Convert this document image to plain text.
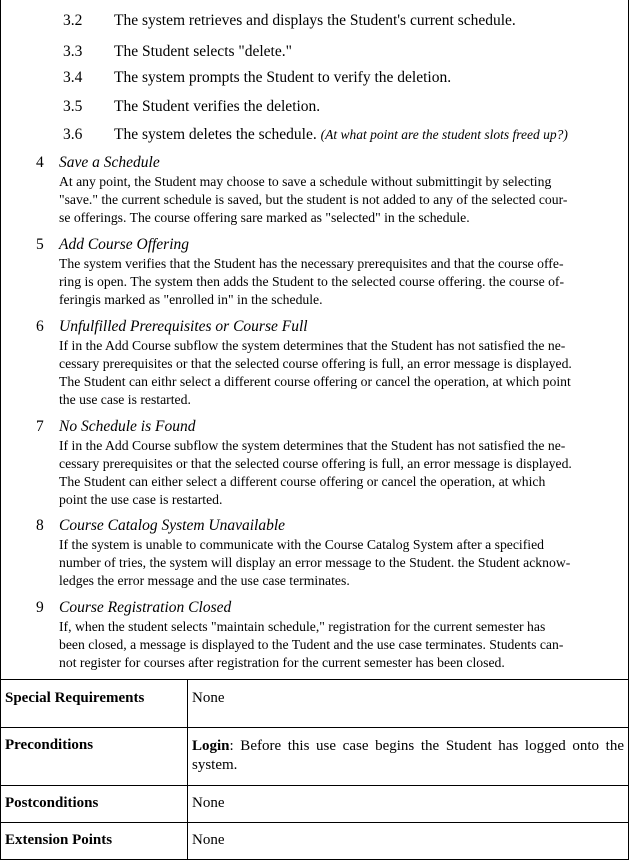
3.2 The system retrieves and displays the Student's current schedule.
3.3 The Student selects "delete."
3.4 The system prompts the Student to verify the deletion.
3.5 The Student verifies the deletion.
3.6 The system deletes the schedule. (At what point are the student slots freed up?)
4 Save a Schedule
At any point, the Student may choose to save a schedule without submittingit by selecting
"save." the current schedule is saved, but the student is not added to any of the selected cour-
se offerings. The course offering sare marked as "selected" in the schedule.
5 Add Course Offering
The system verifies that the Student has the necessary prerequisites and that the course offe-
ring is open. The system then adds the Student to the selected course offering. the course of-
feringis marked as "enrolled in" in the schedule.
6 Unfulfilled Prerequisites or Course Full
If in the Add Course subflow the system determines that the Student has not satisfied the ne-
cessary prerequisites or that the selected course offering is full, an error message is displayed.
The Student can eithr select a different course offering or cancel the operation, at which point
the use case is restarted.
7 No Schedule is Found
If in the Add Course subflow the system determines that the Student has not satisfied the ne-
cessary prerequisites or that the selected course offering is full, an error message is displayed.
The Student can either select a different course offering or cancel the operation, at which
point the use case is restarted.
8 Course Catalog System Unavailable
If the system is unable to communicate with the Course Catalog System after a specified
number of tries, the system will display an error message to the Student. the Student acknow-
ledges the error message and the use case terminates.
9 Course Registration Closed
If, when the student selects "maintain schedule," registration for the current semester has
been closed, a message is displayed to the Tudent and the use case terminates. Students can-
not register for courses after registration for the current semester has been closed.
Special Requirements	None
Preconditions	Login: Before this use case begins the Student has logged onto the system.
Postconditions	None
Extension Points	None
